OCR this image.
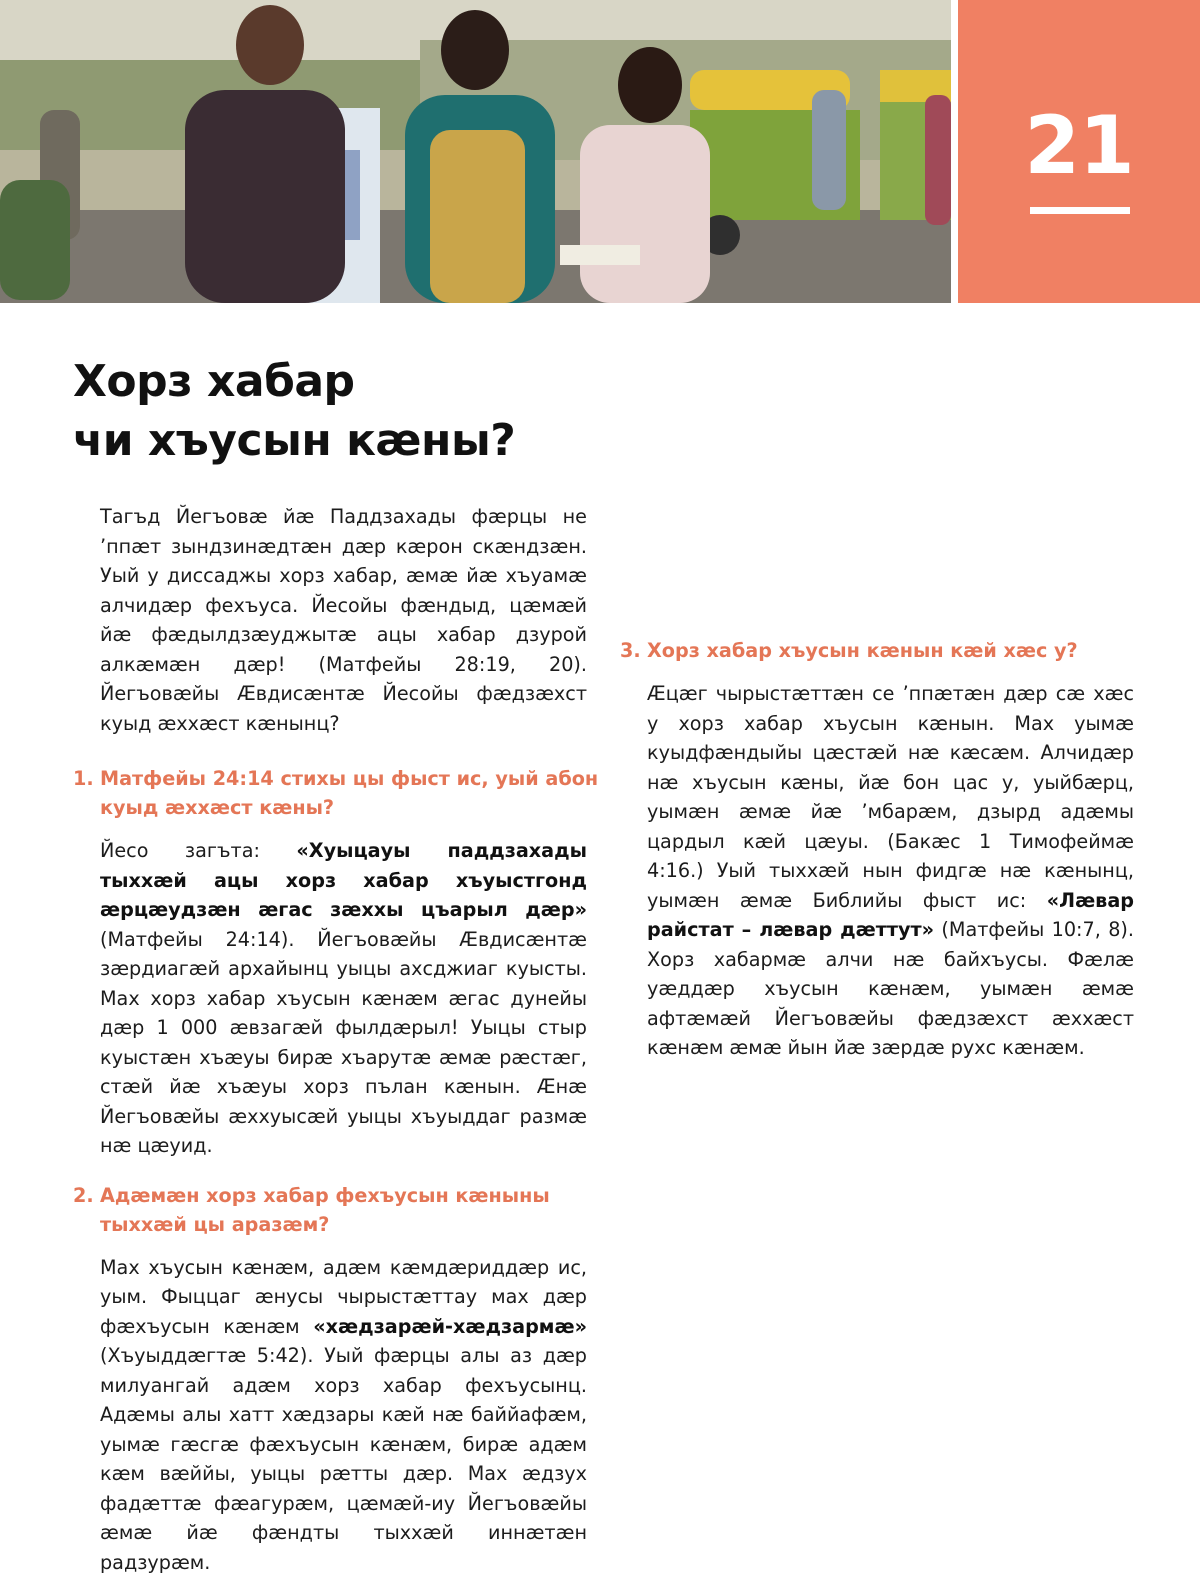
21
Хорз хабар
чи хъусын кæны?

Тагъд Йегъовæ йæ Паддзахады фæрцы не ’ппæт зындзинæдтæн дæр кæрон скæндзæн. Уый у диссаджы хорз хабар, æмæ йæ хъуамæ алчидæр фехъуса. Йесойы фæндыд, цæмæй йæ фæдылдзæуджытæ ацы хабар дзурой алкæмæн дæр! (Матфейы 28:19, 20). Йегъовæйы Æвдисæнтæ Йесойы фæдзæхст куыд æххæст кæнынц?

1. Матфейы 24:14 стихы цы фыст ис, уый абон куыд æххæст кæны?

Йесо загъта: «Хуыцауы паддзахады тыххæй ацы хорз хабар хъуыстгонд æрцæудзæн æгас зæххы цъарыл дæр» (Матфейы 24:14). Йегъовæйы Æвдисæнтæ зæрдиагæй архайынц уыцы ахсджиаг куысты. Мах хорз хабар хъусын кæнæм æгас дунейы дæр 1 000 æвзагæй фылдæрыл! Уыцы стыр куыстæн хъæуы бирæ хъарутæ æмæ рæстæг, стæй йæ хъæуы хорз пълан кæнын. Æнæ Йегъовæйы æххуысæй уыцы хъуыддаг размæ нæ цæуид.

2. Адæмæн хорз хабар фехъусын кæныны тыххæй цы аразæм?

Мах хъусын кæнæм, адæм кæмдæриддæр ис, уым. Фыццаг æнусы чырыстæттау мах дæр фæхъусын кæнæм «хæдзарæй-хæдзармæ» (Хъуыддæгтæ 5:42). Уый фæрцы алы аз дæр милуангай адæм хорз хабар фехъусынц. Адæмы алы хатт хæдзары кæй нæ баййафæм, уымæ гæсгæ фæхъусын кæнæм, бирæ адæм кæм вæййы, уыцы рæтты дæр. Мах æдзух фадæттæ фæагурæм, цæмæй-иу Йегъовæйы æмæ йæ фæндты тыххæй иннæтæн радзурæм.

3. Хорз хабар хъусын кæнын кæй хæс у?

Æцæг чырыстæттæн се ’ппæтæн дæр сæ хæс у хорз хабар хъусын кæнын. Мах уымæ куыдфæндыйы цæстæй нæ кæсæм. Алчидæр нæ хъусын кæны, йæ бон цас у, уыйбæрц, уымæн æмæ йæ ’мбарæм, дзырд адæмы цардыл кæй цæуы. (Бакæс 1 Тимофеймæ 4:16.) Уый тыххæй нын фидгæ нæ кæнынц, уымæн æмæ Библийы фыст ис: «Лæвар райстат – лæвар дæттут» (Матфейы 10:7, 8). Хорз хабармæ алчи нæ байхъусы. Фæлæ уæддæр хъусын кæнæм, уымæн æмæ афтæмæй Йегъовæйы фæдзæхст æххæст кæнæм æмæ йын йæ зæрдæ рухс кæнæм.
